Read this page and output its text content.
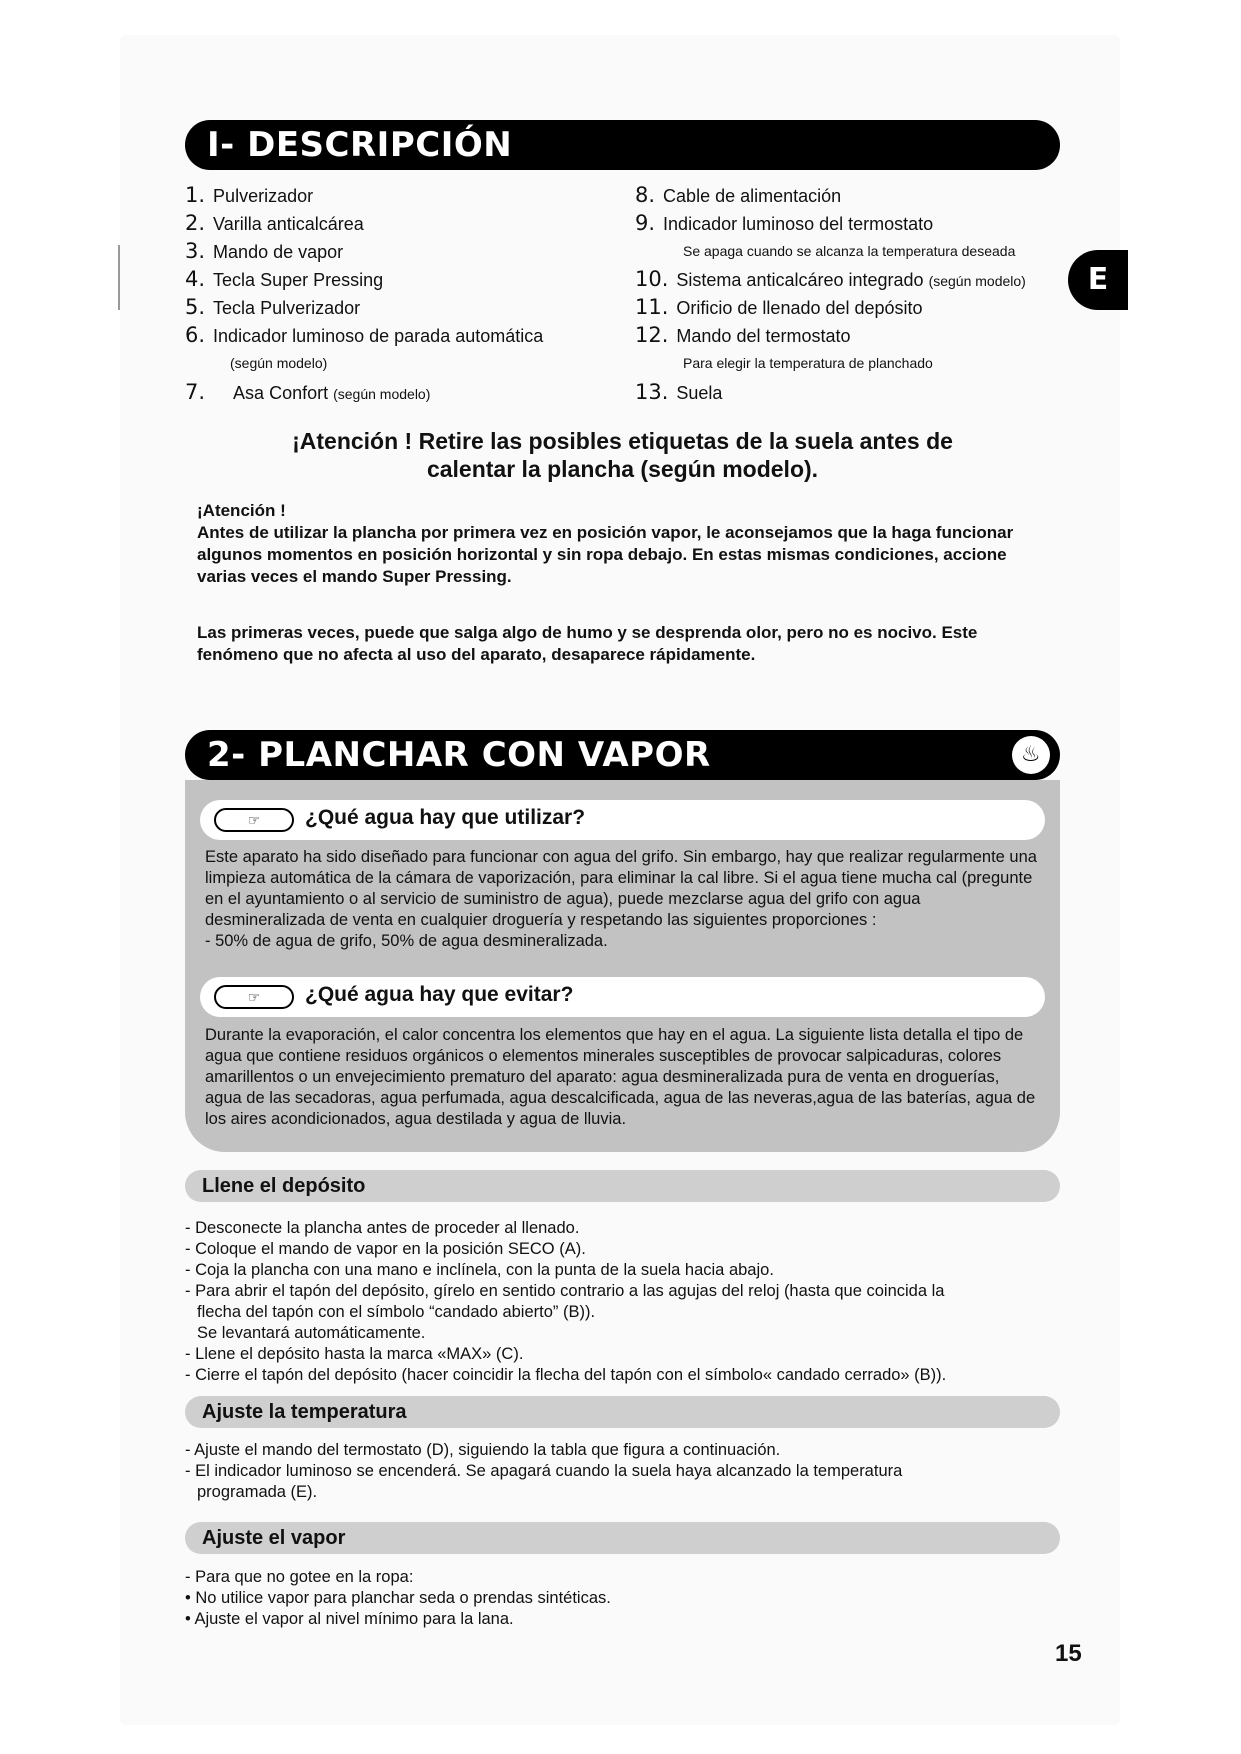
I- DESCRIPCIÓN
E
1. Pulverizador
2. Varilla anticalcárea
3. Mando de vapor
4. Tecla Super Pressing
5. Tecla Pulverizador
6. Indicador luminoso de parada automática
(según modelo)
7. Asa Confort (según modelo)
8. Cable de alimentación
9. Indicador luminoso del termostato
Se apaga cuando se alcanza la temperatura deseada
10. Sistema anticalcáreo integrado (según modelo)
11. Orificio de llenado del depósito
12. Mando del termostato
Para elegir la temperatura de planchado
13. Suela
¡Atención ! Retire las posibles etiquetas de la suela antes de
calentar la plancha (según modelo).

¡Atención !

Antes de utilizar la plancha por primera vez en posición vapor, le aconsejamos que la haga funcionar algunos momentos en posición horizontal y sin ropa debajo. En estas mismas condiciones, accione varias veces el mando Super Pressing.

Las primeras veces, puede que salga algo de humo y se desprenda olor, pero no es nocivo. Este fenómeno que no afecta al uso del aparato, desaparece rápidamente.

2- PLANCHAR CON VAPOR	♨
☞	¿Qué agua hay que utilizar?

Este aparato ha sido diseñado para funcionar con agua del grifo. Sin embargo, hay que realizar regularmente una limpieza automática de la cámara de vaporización, para eliminar la cal libre. Si el agua tiene mucha cal (pregunte en el ayuntamiento o al servicio de suministro de agua), puede mezclarse agua del grifo con agua desmineralizada de venta en cualquier droguería y respetando las siguientes proporciones :

- 50% de agua de grifo, 50% de agua desmineralizada.

☞	¿Qué agua hay que evitar?

Durante la evaporación, el calor concentra los elementos que hay en el agua. La siguiente lista detalla el tipo de agua que contiene residuos orgánicos o elementos minerales susceptibles de provocar salpicaduras, colores amarillentos o un envejecimiento prematuro del aparato: agua desmineralizada pura de venta en droguerías, agua de las secadoras, agua perfumada, agua descalcificada, agua de las neveras,agua de las baterías, agua de los aires acondicionados, agua destilada y agua de lluvia.

Llene el depósito

- Desconecte la plancha antes de proceder al llenado.

- Coloque el mando de vapor en la posición SECO (A).

- Coja la plancha con una mano e inclínela, con la punta de la suela hacia abajo.

- Para abrir el tapón del depósito, gírelo en sentido contrario a las agujas del reloj (hasta que coincida la

flecha del tapón con el símbolo “candado abierto” (B)).

Se levantará automáticamente.

- Llene el depósito hasta la marca «MAX» (C).

- Cierre el tapón del depósito (hacer coincidir la flecha del tapón con el símbolo« candado cerrado» (B)).

Ajuste la temperatura

- Ajuste el mando del termostato (D), siguiendo la tabla que figura a continuación.

- El indicador luminoso se encenderá. Se apagará cuando la suela haya alcanzado la temperatura

programada (E).

Ajuste el vapor

- Para que no gotee en la ropa:

• No utilice vapor para planchar seda o prendas sintéticas.

• Ajuste el vapor al nivel mínimo para la lana.

15
